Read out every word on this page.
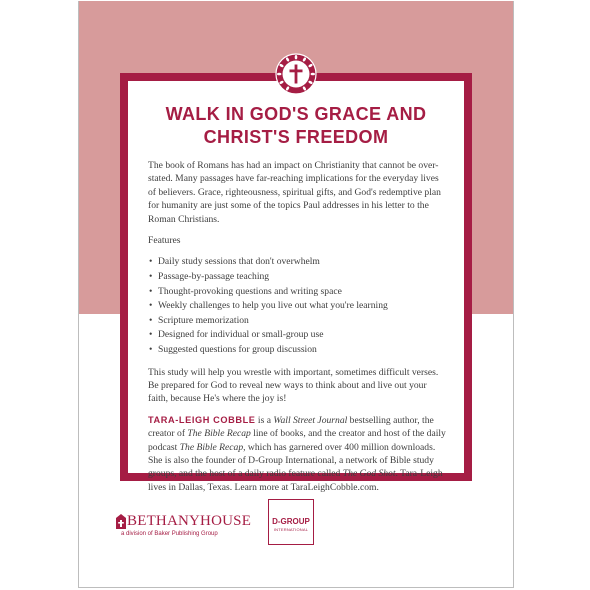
WALK IN GOD'S GRACE AND
CHRIST'S FREEDOM

The book of Romans has had an impact on Christianity that cannot be over-stated. Many passages have far-reaching implications for the everyday lives of believers. Grace, righteousness, spiritual gifts, and God's redemptive plan for humanity are just some of the topics Paul addresses in his letter to the Roman Christians.

Features

• Daily study sessions that don't overwhelm
• Passage-by-passage teaching
• Thought-provoking questions and writing space
• Weekly challenges to help you live out what you're learning
• Scripture memorization
• Designed for individual or small-group use
• Suggested questions for group discussion

This study will help you wrestle with important, sometimes difficult verses. Be prepared for God to reveal new ways to think about and live out your faith, because He's where the joy is!

TARA-LEIGH COBBLE is a Wall Street Journal bestselling author, the creator of The Bible Recap line of books, and the creator and host of the daily podcast The Bible Recap, which has garnered over 400 million downloads. She is also the founder of D-Group International, a network of Bible study groups, and the host of a daily radio feature called The God Shot. Tara-Leigh lives in Dallas, Texas. Learn more at TaraLeighCobble.com.

BETHANYHOUSE
a division of Baker Publishing Group
D-GROUP
INTERNATIONAL
